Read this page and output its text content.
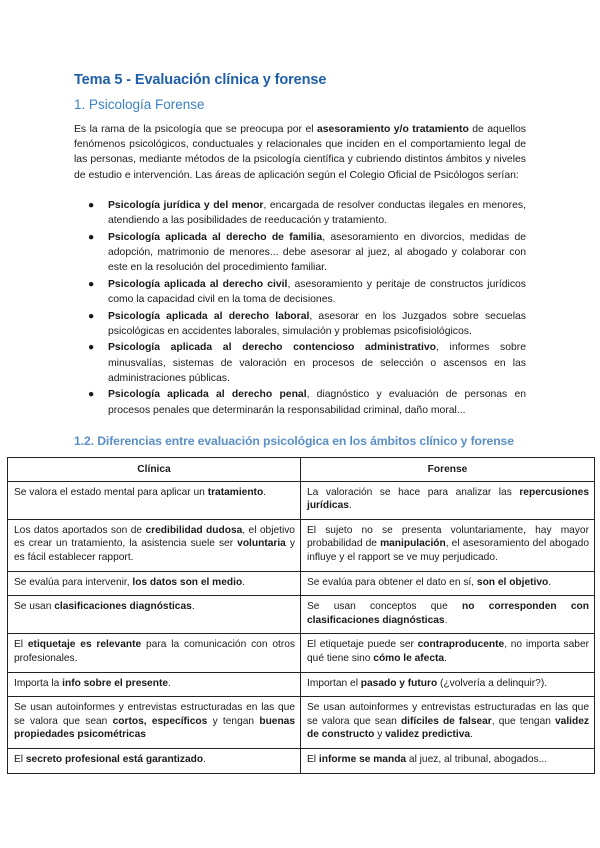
Tema 5 - Evaluación clínica y forense
1. Psicología Forense

Es la rama de la psicología que se preocupa por el asesoramiento y/o tratamiento de aquellos fenómenos psicológicos, conductuales y relacionales que inciden en el comportamiento legal de las personas, mediante métodos de la psicología científica y cubriendo distintos ámbitos y niveles de estudio e intervención. Las áreas de aplicación según el Colegio Oficial de Psicólogos serían:

● Psicología jurídica y del menor, encargada de resolver conductas ilegales en menores, atendiendo a las posibilidades de reeducación y tratamiento.
● Psicología aplicada al derecho de familia, asesoramiento en divorcios, medidas de adopción, matrimonio de menores... debe asesorar al juez, al abogado y colaborar con este en la resolución del procedimiento familiar.
● Psicología aplicada al derecho civil, asesoramiento y peritaje de constructos jurídicos como la capacidad civil en la toma de decisiones.
● Psicología aplicada al derecho laboral, asesorar en los Juzgados sobre secuelas psicológicas en accidentes laborales, simulación y problemas psicofisiológicos.
● Psicología aplicada al derecho contencioso administrativo, informes sobre minusvalías, sistemas de valoración en procesos de selección o ascensos en las administraciones públicas.
● Psicología aplicada al derecho penal, diagnóstico y evaluación de personas en procesos penales que determinarán la responsabilidad criminal, daño moral...
1.2. Diferencias entre evaluación psicológica en los ámbitos clínico y forense
Clínica	Forense
Se valora el estado mental para aplicar un tratamiento.	La valoración se hace para analizar las repercusiones jurídicas.
Los datos aportados son de credibilidad dudosa, el objetivo es crear un tratamiento, la asistencia suele ser voluntaria y es fácil establecer rapport.	El sujeto no se presenta voluntariamente, hay mayor probabilidad de manipulación, el asesoramiento del abogado influye y el rapport se ve muy perjudicado.
Se evalúa para intervenir, los datos son el medio.	Se evalúa para obtener el dato en sí, son el objetivo.
Se usan clasificaciones diagnósticas.	Se usan conceptos que no corresponden con clasificaciones diagnósticas.
El etiquetaje es relevante para la comunicación con otros profesionales.	El etiquetaje puede ser contraproducente, no importa saber qué tiene sino cómo le afecta.
Importa la info sobre el presente.	Importan el pasado y futuro (¿volvería a delinquir?).
Se usan autoinformes y entrevistas estructuradas en las que se valora que sean cortos, específicos y tengan buenas propiedades psicométricas	Se usan autoinformes y entrevistas estructuradas en las que se valora que sean difíciles de falsear, que tengan validez de constructo y validez predictiva.
El secreto profesional está garantizado.	El informe se manda al juez, al tribunal, abogados...
